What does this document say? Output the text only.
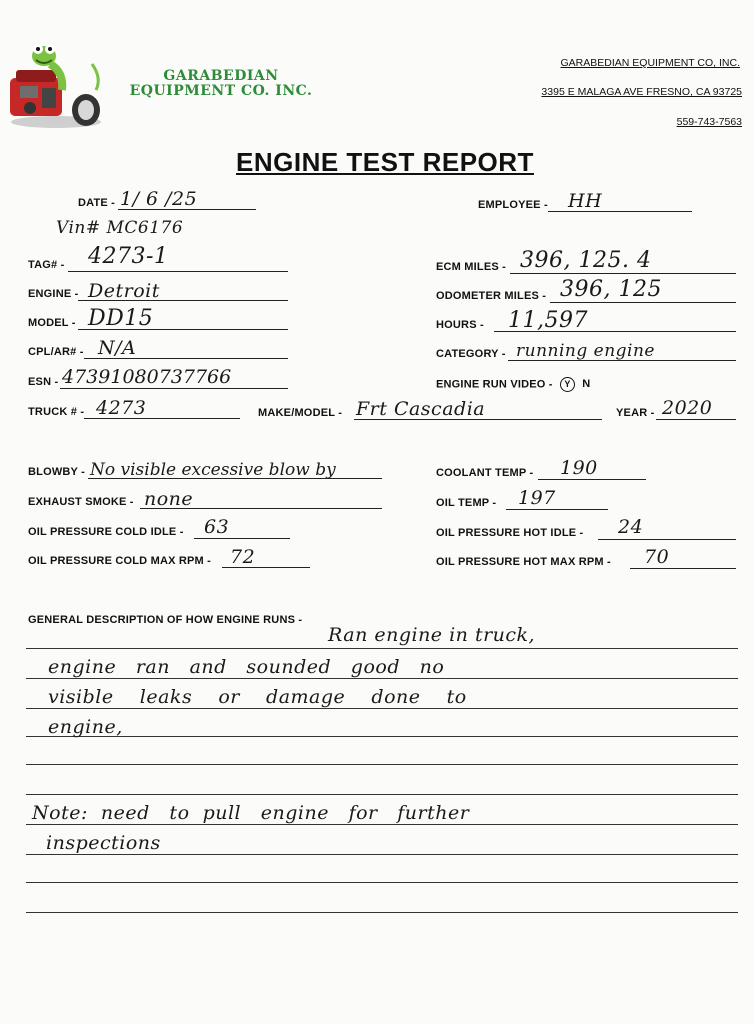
GARABEDIAN
EQUIPMENT CO. INC.
GARABEDIAN EQUIPMENT CO, INC.
3395 E MALAGA AVE FRESNO, CA 93725
559-743-7563
ENGINE TEST REPORT
DATE - 1/ 6 /25	EMPLOYEE - HH
Vin# MC6176
TAG# - 4273-1	ECM MILES - 396, 125. 4
ENGINE - Detroit	ODOMETER MILES - 396, 125
MODEL - DD15	HOURS - 11,597
CPL/AR# - N/A	CATEGORY - running engine
ESN - 47391080737766	ENGINE RUN VIDEO - Y N
TRUCK # - 4273	MAKE/MODEL - Frt Cascadia	YEAR - 2020
BLOWBY - No visible excessive blow by	COOLANT TEMP - 190
EXHAUST SMOKE - none	OIL TEMP - 197
OIL PRESSURE COLD IDLE - 63	OIL PRESSURE HOT IDLE - 24
OIL PRESSURE COLD MAX RPM - 72	OIL PRESSURE HOT MAX RPM - 70
GENERAL DESCRIPTION OF HOW ENGINE RUNS -
Ran engine in truck,
engine   ran   and   sounded   good   no
visible    leaks    or    damage    done    to
engine,
Note:  need   to  pull   engine   for   further
inspections
